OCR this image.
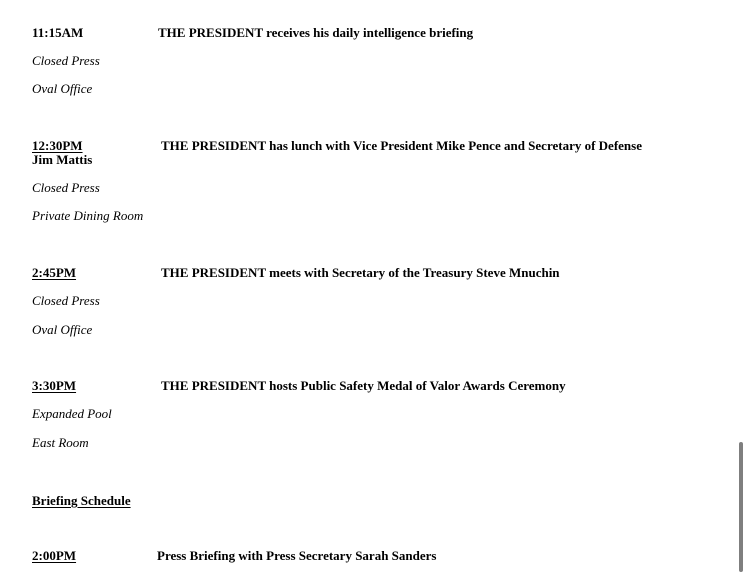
11:15AM	THE PRESIDENT receives his daily intelligence briefing
Closed Press
Oval Office
12:30PM	THE PRESIDENT has lunch with Vice President Mike Pence and Secretary of Defense
Jim Mattis
Closed Press
Private Dining Room
2:45PM	THE PRESIDENT meets with Secretary of the Treasury Steve Mnuchin
Closed Press
Oval Office
3:30PM	THE PRESIDENT hosts Public Safety Medal of Valor Awards Ceremony
Expanded Pool
East Room
Briefing Schedule
2:00PM	Press Briefing with Press Secretary Sarah Sanders
